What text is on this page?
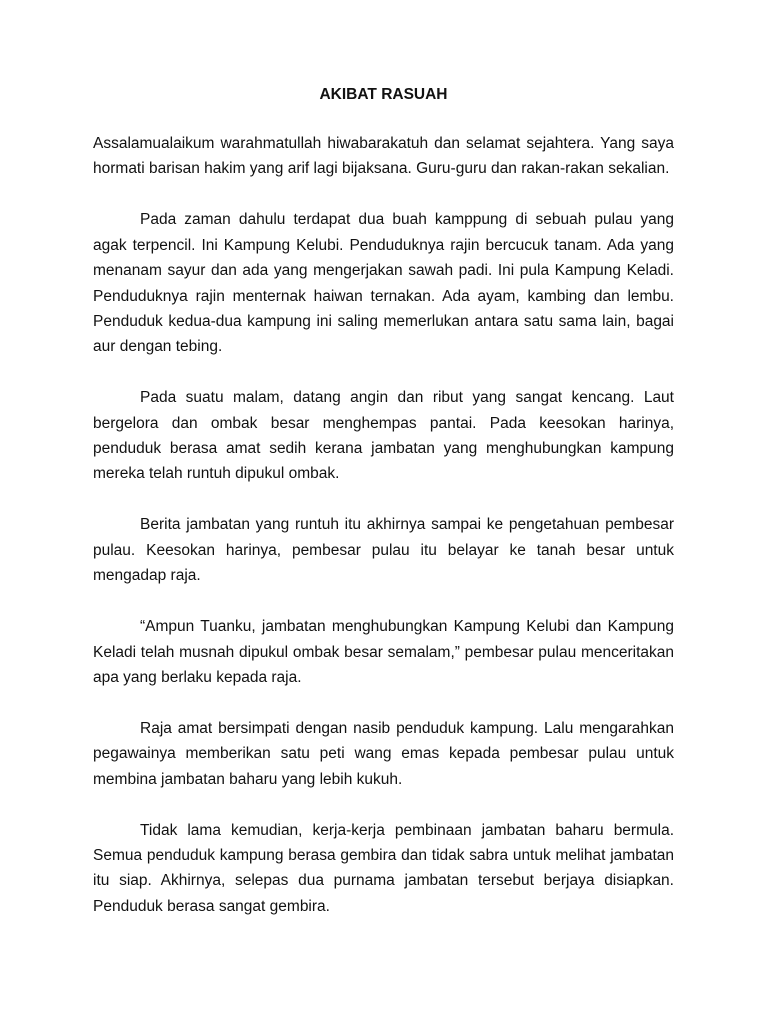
AKIBAT RASUAH

Assalamualaikum warahmatullah hiwabarakatuh dan selamat sejahtera. Yang saya hormati barisan hakim yang arif lagi bijaksana. Guru-guru dan rakan-rakan sekalian.

Pada zaman dahulu terdapat dua buah kamppung di sebuah pulau yang agak terpencil. Ini Kampung Kelubi. Penduduknya rajin bercucuk tanam. Ada yang menanam sayur dan ada yang mengerjakan sawah padi. Ini pula Kampung Keladi. Penduduknya rajin menternak haiwan ternakan. Ada ayam, kambing dan lembu. Penduduk kedua-dua kampung ini saling memerlukan antara satu sama lain, bagai aur dengan tebing.

Pada suatu malam, datang angin dan ribut yang sangat kencang. Laut bergelora dan ombak besar menghempas pantai. Pada keesokan harinya, penduduk berasa amat sedih kerana jambatan yang menghubungkan kampung mereka telah runtuh dipukul ombak.

Berita jambatan yang runtuh itu akhirnya sampai ke pengetahuan pembesar pulau. Keesokan harinya, pembesar pulau itu belayar ke tanah besar untuk mengadap raja.

“Ampun Tuanku, jambatan menghubungkan Kampung Kelubi dan Kampung Keladi telah musnah dipukul ombak besar semalam,” pembesar pulau menceritakan apa yang berlaku kepada raja.

Raja amat bersimpati dengan nasib penduduk kampung. Lalu mengarahkan pegawainya memberikan satu peti wang emas kepada pembesar pulau untuk membina jambatan baharu yang lebih kukuh.

Tidak lama kemudian, kerja-kerja pembinaan jambatan baharu bermula. Semua penduduk kampung berasa gembira dan tidak sabra untuk melihat jambatan itu siap. Akhirnya, selepas dua purnama jambatan tersebut berjaya disiapkan. Penduduk berasa sangat gembira.
